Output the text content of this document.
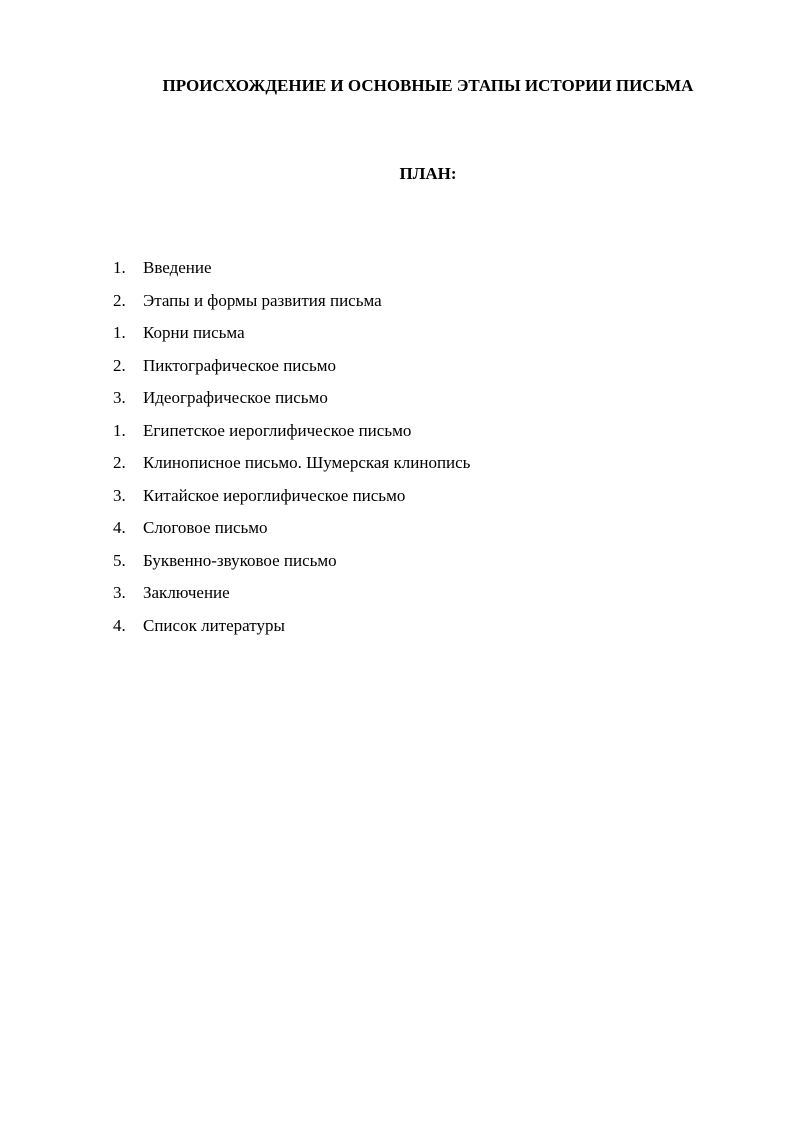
ПРОИСХОЖДЕНИЕ И ОСНОВНЫЕ ЭТАПЫ ИСТОРИИ ПИСЬМА
ПЛАН:
1. Введение
2. Этапы и формы развития письма
1. Корни письма
2. Пиктографическое письмо
3. Идеографическое письмо
1. Египетское иероглифическое письмо
2. Клинописное письмо. Шумерская клинопись
3. Китайское иероглифическое письмо
4. Слоговое письмо
5. Буквенно-звуковое письмо
3. Заключение
4. Список литературы
